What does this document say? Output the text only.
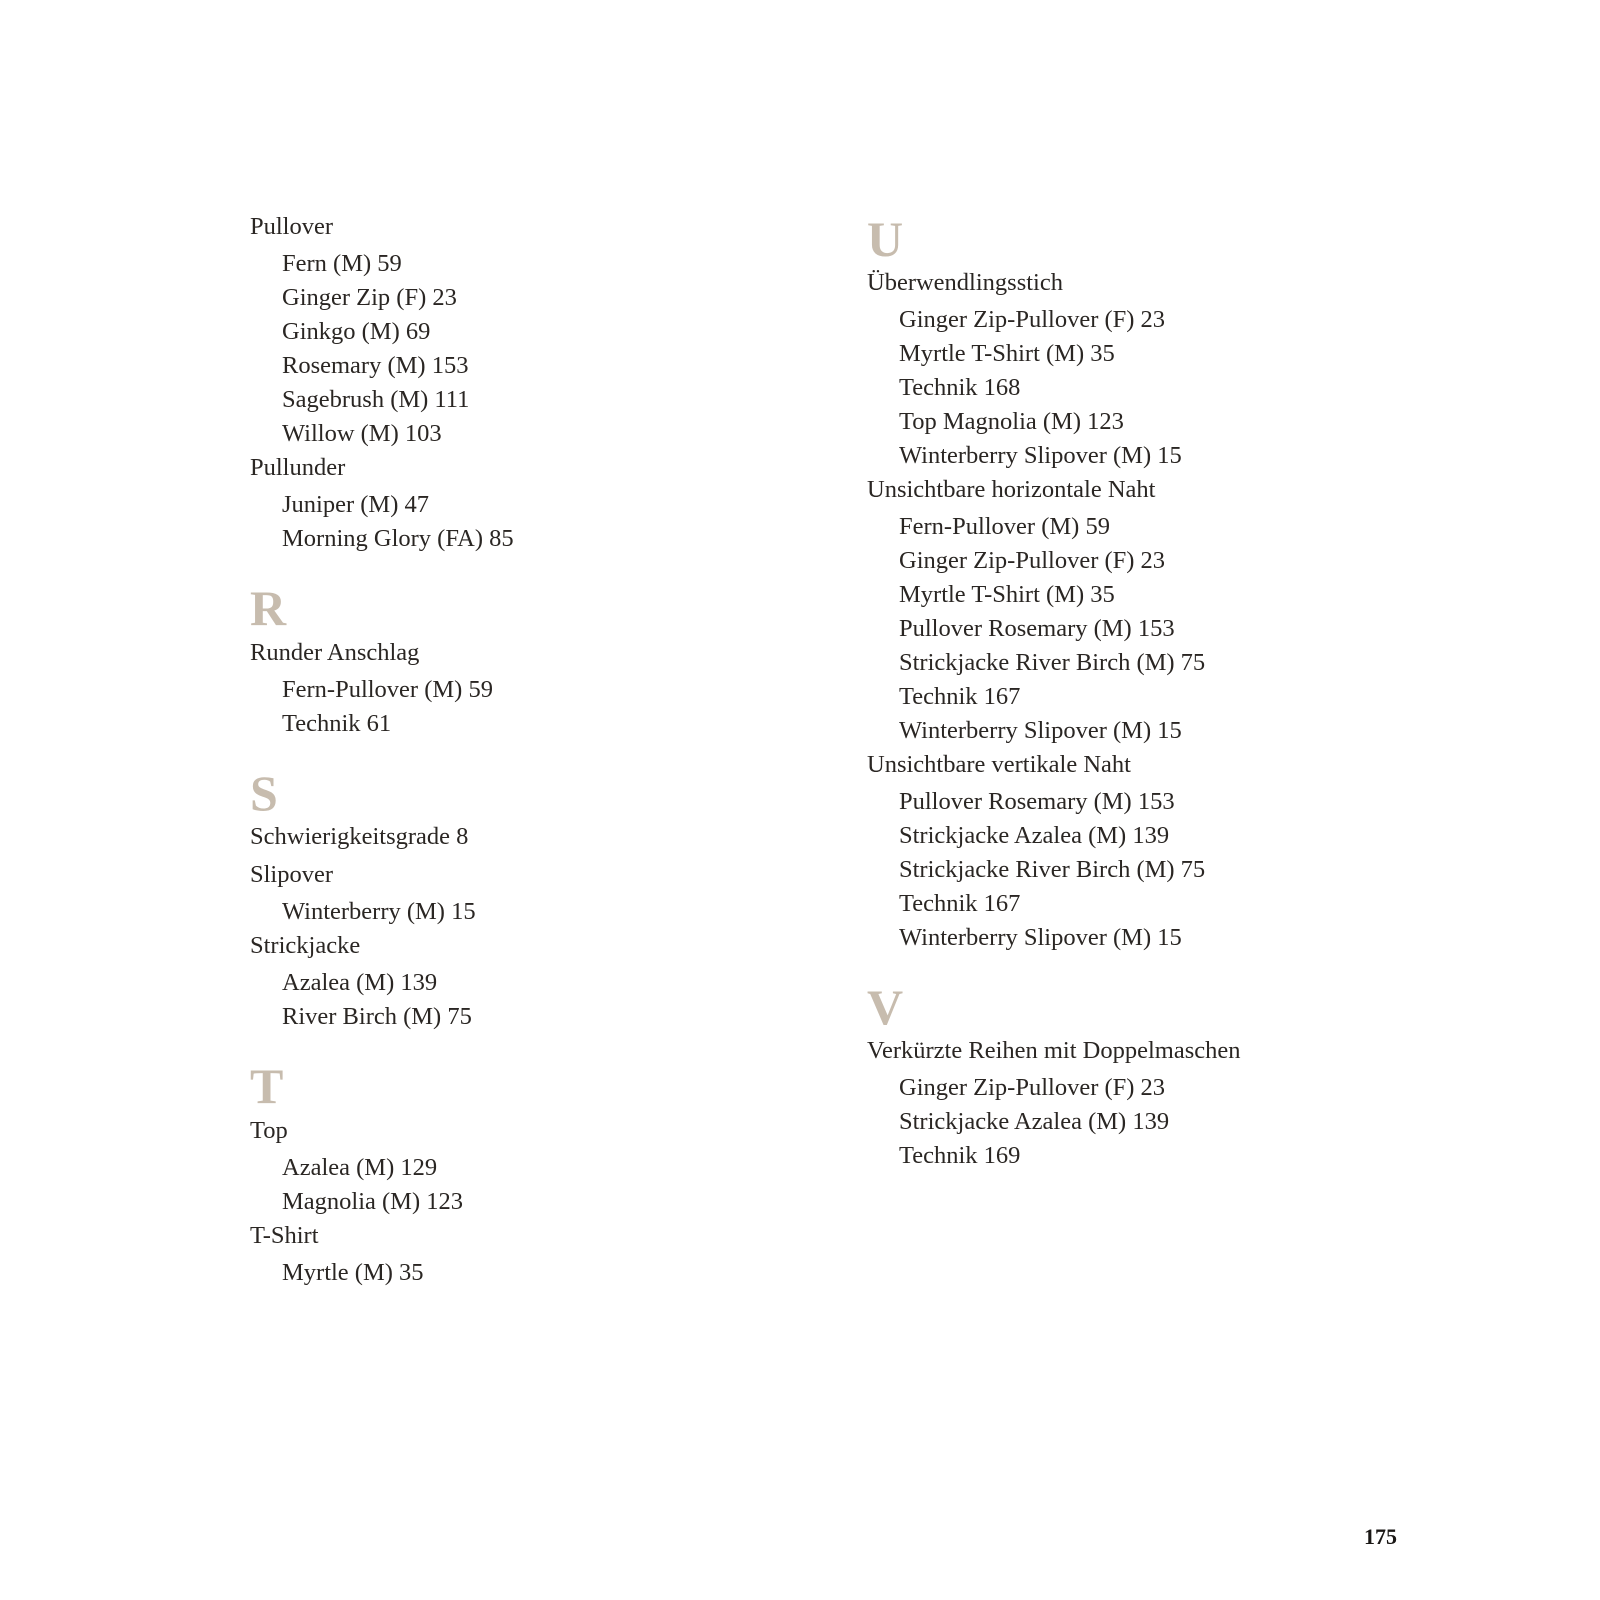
Pullover
Fern (M) 59
Ginger Zip (F) 23
Ginkgo (M) 69
Rosemary (M) 153
Sagebrush (M) 111
Willow (M) 103
Pullunder
Juniper (M) 47
Morning Glory (FA) 85
R
Runder Anschlag
Fern-Pullover (M) 59
Technik 61
S
Schwierigkeitsgrade 8
Slipover
Winterberry (M) 15
Strickjacke
Azalea (M) 139
River Birch (M) 75
T
Top
Azalea (M) 129
Magnolia (M) 123
T-Shirt
Myrtle (M) 35
U
Überwendlingsstich
Ginger Zip-Pullover (F) 23
Myrtle T-Shirt (M) 35
Technik 168
Top Magnolia (M) 123
Winterberry Slipover (M) 15
Unsichtbare horizontale Naht
Fern-Pullover (M) 59
Ginger Zip-Pullover (F) 23
Myrtle T-Shirt (M) 35
Pullover Rosemary (M) 153
Strickjacke River Birch (M) 75
Technik 167
Winterberry Slipover (M) 15
Unsichtbare vertikale Naht
Pullover Rosemary (M) 153
Strickjacke Azalea (M) 139
Strickjacke River Birch (M) 75
Technik 167
Winterberry Slipover (M) 15
V
Verkürzte Reihen mit Doppelmaschen
Ginger Zip-Pullover (F) 23
Strickjacke Azalea (M) 139
Technik 169
175
